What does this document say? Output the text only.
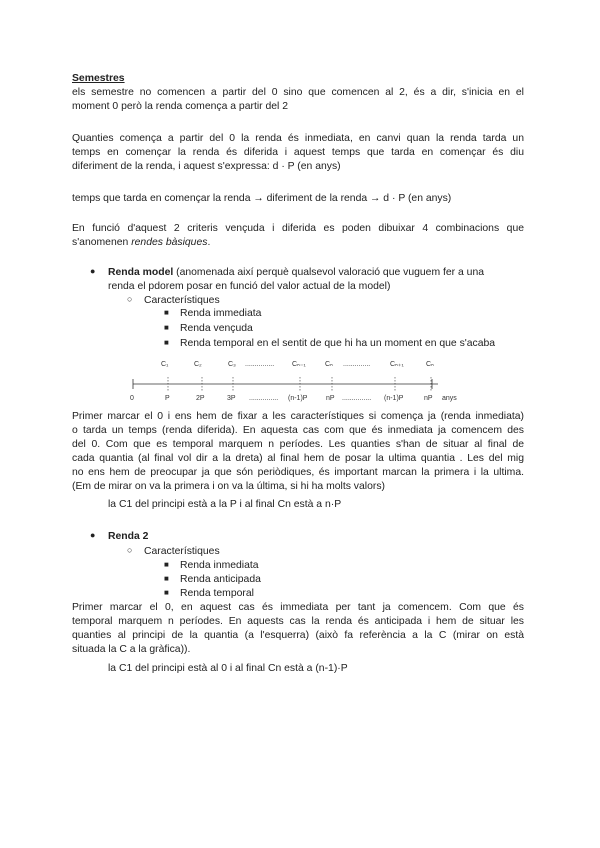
Semestres
els semestre no comencen a partir del 0 sino que comencen al 2, és a dir, s'inicia en el
moment 0 però la renda comença a partir del 2
Quanties comença a partir del 0 la renda és inmediata, en canvi quan la renda tarda un
temps en començar la renda és diferida i aquest temps que tarda en començar és diu
diferiment de la renda, i aquest s'expressa: d · P (en anys)
temps que tarda en començar la renda → diferiment de la renda → d · P (en anys)
En funció d'aquest 2 criteris vençuda i diferida es poden dibuixar 4 combinacions que
s'anomenen rendes bàsiques.
● Renda model (anomenada així perquè qualsevol valoració que vuguem fer a una
renda el pdorem posar en funció del valor actual de la model)
○ Característiques
■ Renda immediata
■ Renda vençuda
■ Renda temporal en el sentit de que hi ha un moment en que s'acaba
C₁	C₂	C₃ ...............	Cₙ₋₁	Cₙ ..............	Cₙ₊₁	Cₙ
0	P	2P	3P ............... (n-1)P	nP ............... (n-1)P	nP anys
Primer marcar el 0 i ens hem de fixar a les característiques si comença ja (renda inmediata)
o tarda un temps (renda diferida). En aquesta cas com que és inmediata ja comencem des
del 0. Com que es temporal marquem n períodes. Les quanties s'han de situar al final de
cada quantia (al final vol dir a la dreta) al final hem de posar la ultima quantia . Les del mig
no ens hem de preocupar ja que són periòdiques, és important marcan la primera i la ultima.
(Em de mirar on va la primera i on va la última, si hi ha molts valors)
la C1 del principi està a la P i al final Cn està a n·P
● Renda 2
○ Característiques
■ Renda inmediata
■ Renda anticipada
■ Renda temporal
Primer marcar el 0, en aquest cas és immediata per tant ja comencem. Com que és
temporal marquem n períodes. En aquests cas la renda és anticipada i hem de situar les
quanties al principi de la quantia (a l'esquerra) (això fa referència a la C (mirar on està
situada la C a la gràfica)).
la C1 del principi està al 0 i al final Cn està a (n-1)·P
